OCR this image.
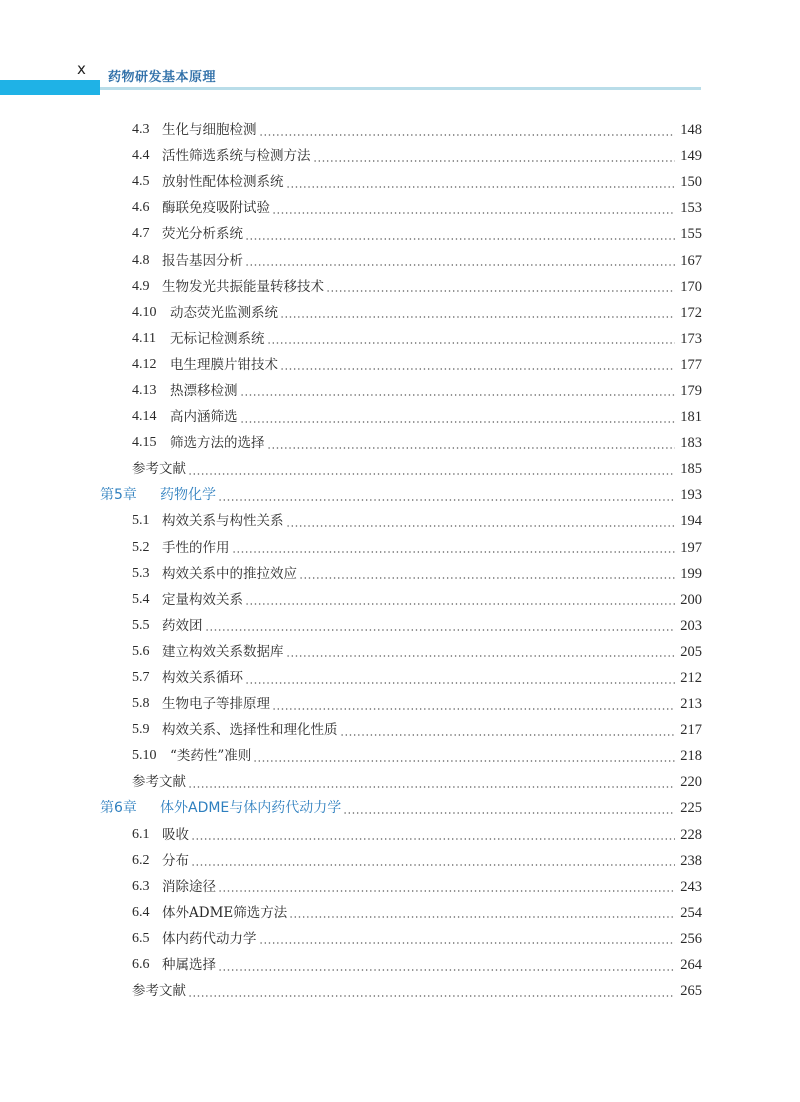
x 药物研发基本原理
4.3 生化与细胞检测	148
4.4 活性筛选系统与检测方法	149
4.5 放射性配体检测系统	150
4.6 酶联免疫吸附试验	153
4.7 荧光分析系统	155
4.8 报告基因分析	167
4.9 生物发光共振能量转移技术	170
4.10	动态荧光监测系统	172
4.11	无标记检测系统	173
4.12	电生理膜片钳技术	177
4.13	热漂移检测	179
4.14	高内涵筛选	181
4.15	筛选方法的选择	183
参考文献	185
第5章	药物化学	193
5.1 构效关系与构性关系	194
5.2 手性的作用	197
5.3 构效关系中的推拉效应	199
5.4 定量构效关系	200
5.5 药效团	203
5.6 建立构效关系数据库	205
5.7 构效关系循环	212
5.8 生物电子等排原理	213
5.9 构效关系、选择性和理化性质	217
5.10	“类药性”准则	218
参考文献	220
第6章	体外ADME与体内药代动力学	225
6.1 吸收	228
6.2 分布	238
6.3 消除途径	243
6.4 体外ADME筛选方法	254
6.5 体内药代动力学	256
6.6 种属选择	264
参考文献	265
